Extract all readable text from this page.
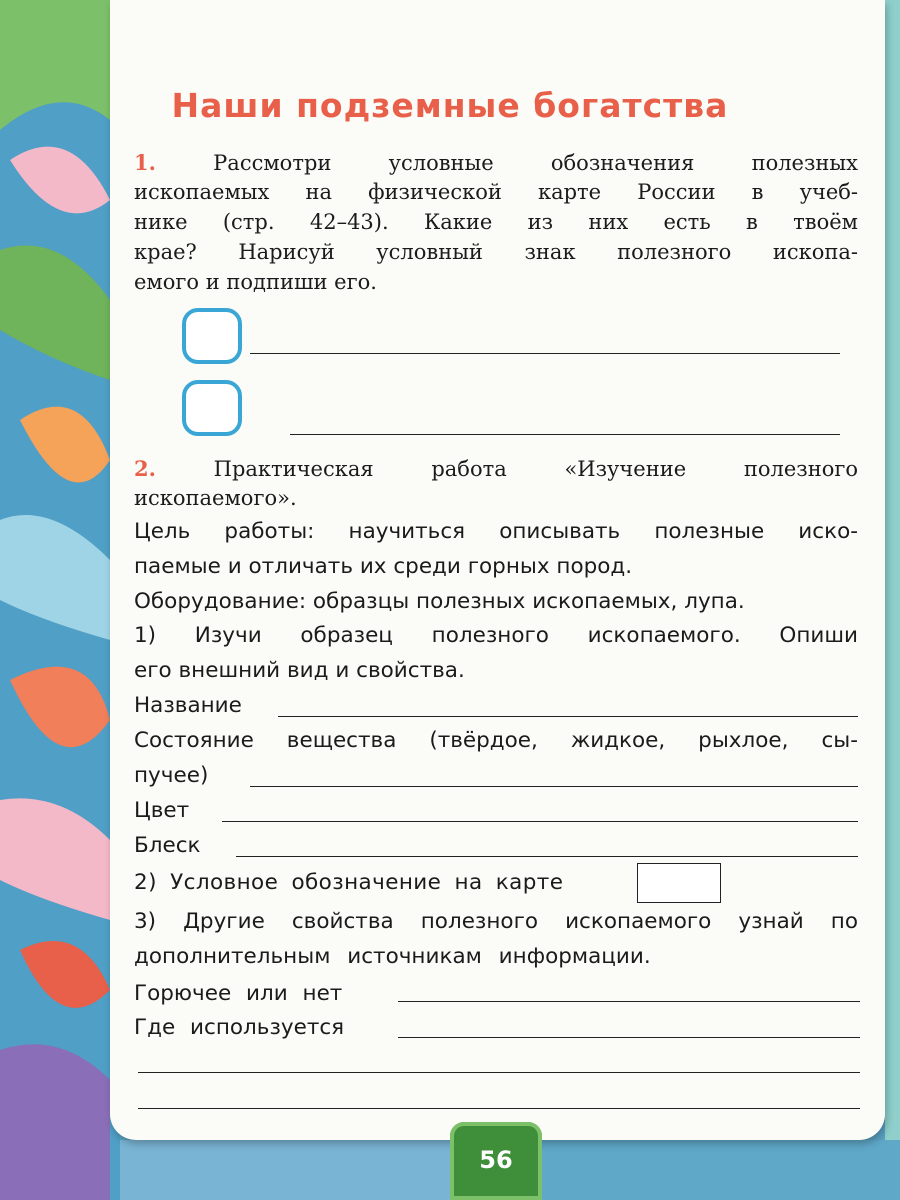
Наши подземные богатства
1.	Рассмотри условные обозначения полезных
ископаемых на физической карте России в учеб-
нике (стр. 42–43). Какие из них есть в твоём
крае? Нарисуй условный знак полезного ископа-
емого и подпиши его.
2.	Практическая работа «Изучение полезного
ископаемого».
Цель работы: научиться описывать полезные иско-
паемые и отличать их среди горных пород.
Оборудование: образцы полезных ископаемых, лупа.
1) Изучи образец полезного ископаемого. Опиши
его внешний вид и свойства.
Название
Состояние вещества (твёрдое, жидкое, рыхлое, сы-
пучее)
Цвет
Блеск
2) Условное обозначение на карте
3) Другие свойства полезного ископаемого узнай по
дополнительным источникам информации.
Горючее или нет
Где используется
56
